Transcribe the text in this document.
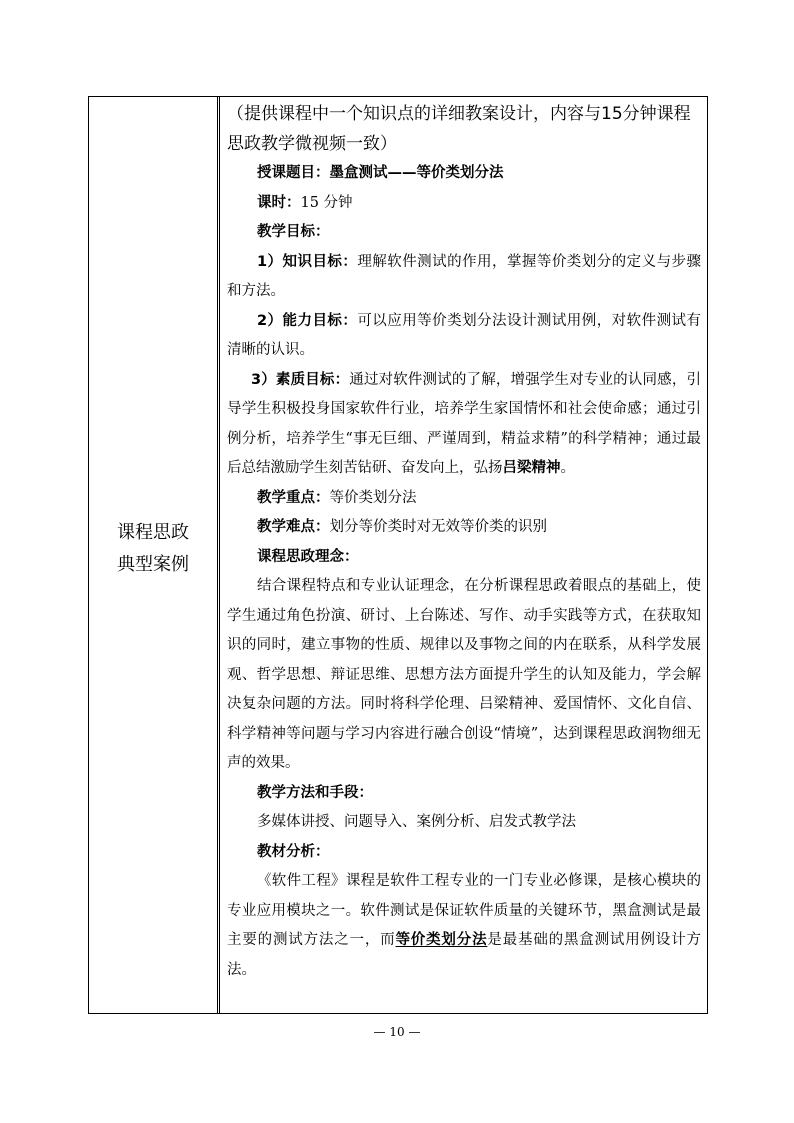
课程思政
典型案例

（提供课程中一个知识点的详细教案设计，内容与15分钟课程思政教学微视频一致）

授课题目：墨盒测试——等价类划分法

课时：15 分钟

教学目标：

1）知识目标：理解软件测试的作用，掌握等价类划分的定义与步骤和方法。

2）能力目标：可以应用等价类划分法设计测试用例，对软件测试有清晰的认识。

3）素质目标：通过对软件测试的了解，增强学生对专业的认同感，引导学生积极投身国家软件行业，培养学生家国情怀和社会使命感；通过引例分析，培养学生“事无巨细、严谨周到，精益求精”的科学精神；通过最后总结激励学生刻苦钻研、奋发向上，弘扬吕梁精神。

教学重点：等价类划分法

教学难点：划分等价类时对无效等价类的识别

课程思政理念：

结合课程特点和专业认证理念，在分析课程思政着眼点的基础上，使学生通过角色扮演、研讨、上台陈述、写作、动手实践等方式，在获取知识的同时，建立事物的性质、规律以及事物之间的内在联系，从科学发展观、哲学思想、辩证思维、思想方法方面提升学生的认知及能力，学会解决复杂问题的方法。同时将科学伦理、吕梁精神、爱国情怀、文化自信、科学精神等问题与学习内容进行融合创设“情境”，达到课程思政润物细无声的效果。

教学方法和手段：

多媒体讲授、问题导入、案例分析、启发式教学法

教材分析：

《软件工程》课程是软件工程专业的一门专业必修课，是核心模块的专业应用模块之一。软件测试是保证软件质量的关键环节，黑盒测试是最主要的测试方法之一，而等价类划分法是最基础的黑盒测试用例设计方法。

— 10 —
